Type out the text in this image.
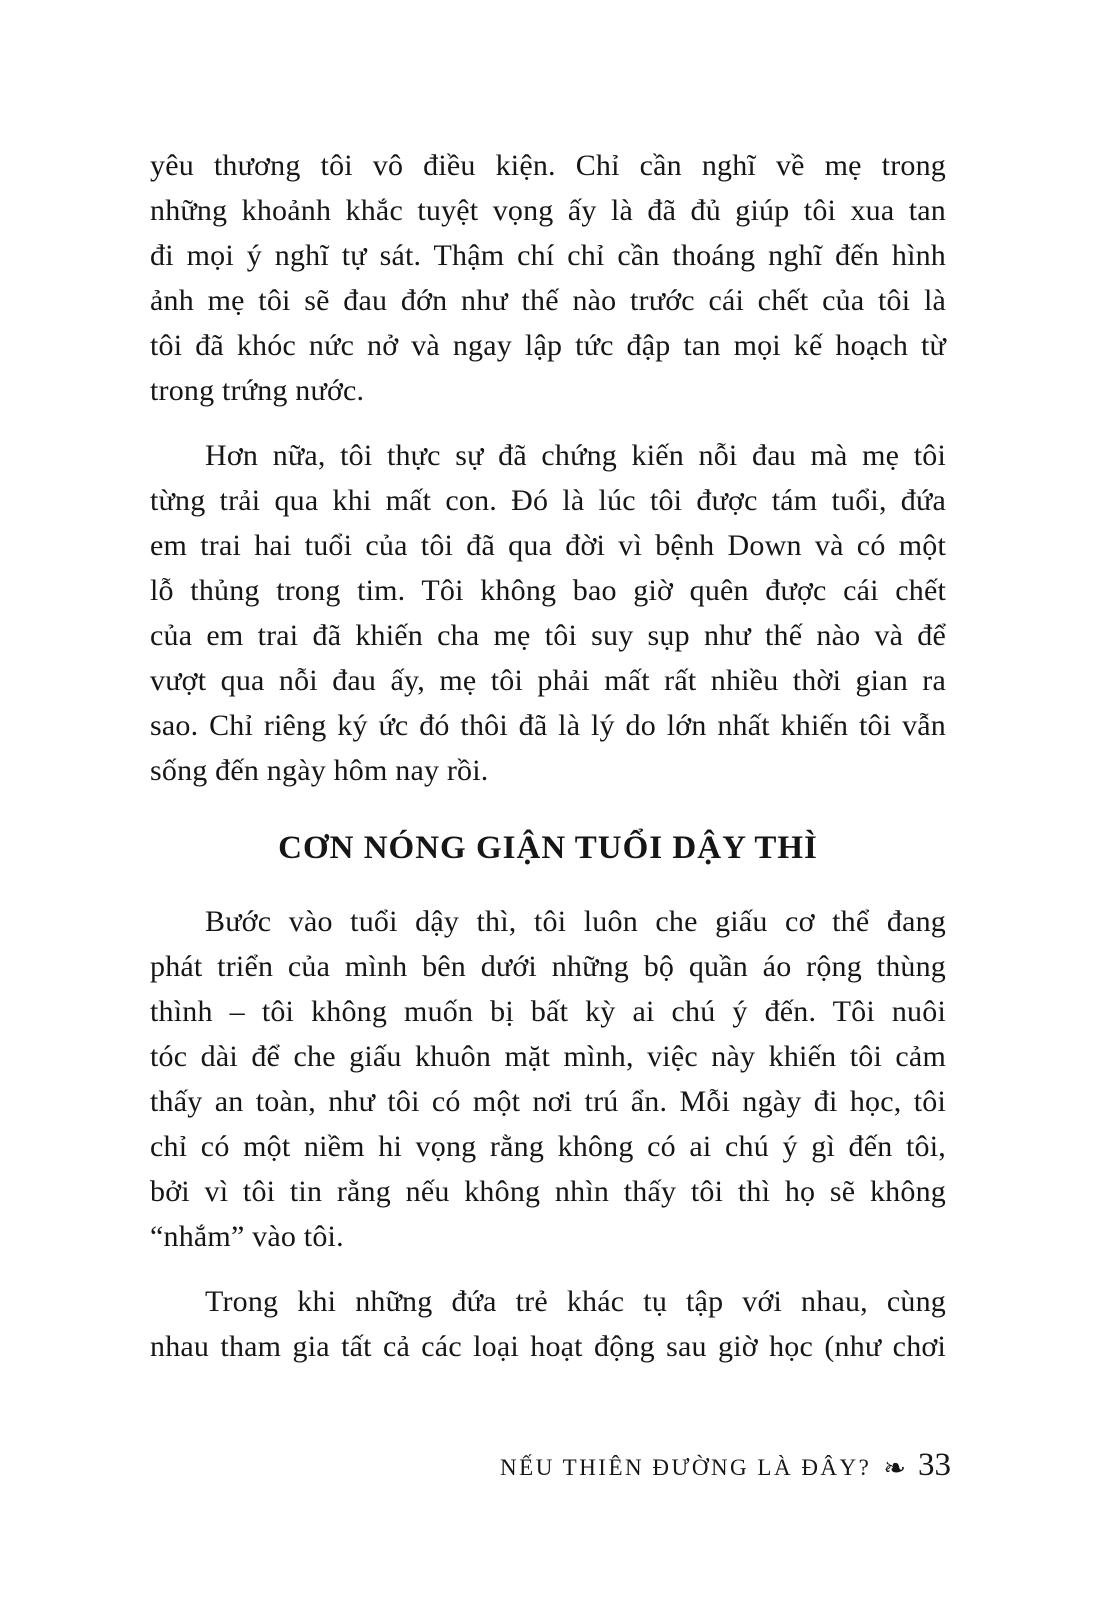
yêu thương tôi vô điều kiện. Chỉ cần nghĩ về mẹ trong
những khoảnh khắc tuyệt vọng ấy là đã đủ giúp tôi xua tan
đi mọi ý nghĩ tự sát. Thậm chí chỉ cần thoáng nghĩ đến hình
ảnh mẹ tôi sẽ đau đớn như thế nào trước cái chết của tôi là
tôi đã khóc nức nở và ngay lập tức đập tan mọi kế hoạch từ
trong trứng nước.
Hơn nữa, tôi thực sự đã chứng kiến nỗi đau mà mẹ tôi
từng trải qua khi mất con. Đó là lúc tôi được tám tuổi, đứa
em trai hai tuổi của tôi đã qua đời vì bệnh Down và có một
lỗ thủng trong tim. Tôi không bao giờ quên được cái chết
của em trai đã khiến cha mẹ tôi suy sụp như thế nào và để
vượt qua nỗi đau ấy, mẹ tôi phải mất rất nhiều thời gian ra
sao. Chỉ riêng ký ức đó thôi đã là lý do lớn nhất khiến tôi vẫn
sống đến ngày hôm nay rồi.
CƠN NÓNG GIẬN TUỔI DẬY THÌ
Bước vào tuổi dậy thì, tôi luôn che giấu cơ thể đang
phát triển của mình bên dưới những bộ quần áo rộng thùng
thình – tôi không muốn bị bất kỳ ai chú ý đến. Tôi nuôi
tóc dài để che giấu khuôn mặt mình, việc này khiến tôi cảm
thấy an toàn, như tôi có một nơi trú ẩn. Mỗi ngày đi học, tôi
chỉ có một niềm hi vọng rằng không có ai chú ý gì đến tôi,
bởi vì tôi tin rằng nếu không nhìn thấy tôi thì họ sẽ không
“nhắm” vào tôi.
Trong khi những đứa trẻ khác tụ tập với nhau, cùng
nhau tham gia tất cả các loại hoạt động sau giờ học (như chơi
NẾU THIÊN ĐƯỜNG LÀ ĐÂY? ❧ 33
